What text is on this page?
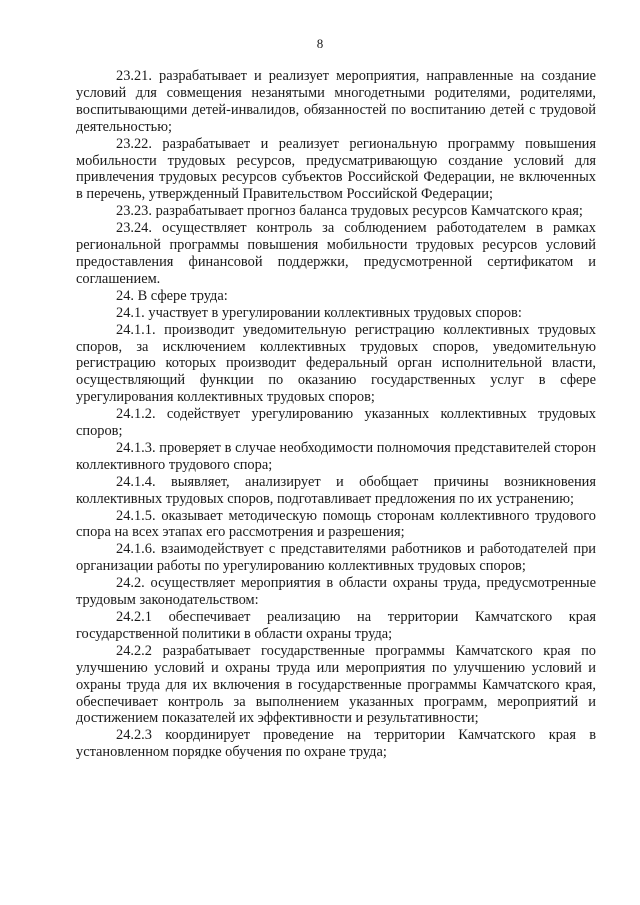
8

23.21. разрабатывает и реализует мероприятия, направленные на создание условий для совмещения незанятыми многодетными родителями, родителями, воспитывающими детей-инвалидов, обязанностей по воспитанию детей с трудовой деятельностью;

23.22. разрабатывает и реализует региональную программу повышения мобильности трудовых ресурсов, предусматривающую создание условий для привлечения трудовых ресурсов субъектов Российской Федерации, не включенных в перечень, утвержденный Правительством Российской Федерации;

23.23. разрабатывает прогноз баланса трудовых ресурсов Камчатского края;

23.24. осуществляет контроль за соблюдением работодателем в рамках региональной программы повышения мобильности трудовых ресурсов условий предоставления финансовой поддержки, предусмотренной сертификатом и соглашением.

24. В сфере труда:

24.1. участвует в урегулировании коллективных трудовых споров:

24.1.1. производит уведомительную регистрацию коллективных трудовых споров, за исключением коллективных трудовых споров, уведомительную регистрацию которых производит федеральный орган исполнительной власти, осуществляющий функции по оказанию государственных услуг в сфере урегулирования коллективных трудовых споров;

24.1.2. содействует урегулированию указанных коллективных трудовых споров;

24.1.3. проверяет в случае необходимости полномочия представителей сторон коллективного трудового спора;

24.1.4. выявляет, анализирует и обобщает причины возникновения коллективных трудовых споров, подготавливает предложения по их устранению;

24.1.5. оказывает методическую помощь сторонам коллективного трудового спора на всех этапах его рассмотрения и разрешения;

24.1.6. взаимодействует с представителями работников и работодателей при организации работы по урегулированию коллективных трудовых споров;

24.2. осуществляет мероприятия в области охраны труда, предусмотренные трудовым законодательством:

24.2.1 обеспечивает реализацию на территории Камчатского края государственной политики в области охраны труда;

24.2.2 разрабатывает государственные программы Камчатского края по улучшению условий и охраны труда или мероприятия по улучшению условий и охраны труда для их включения в государственные программы Камчатского края, обеспечивает контроль за выполнением указанных программ, мероприятий и достижением показателей их эффективности и результативности;

24.2.3 координирует проведение на территории Камчатского края в установленном порядке обучения по охране труда;
